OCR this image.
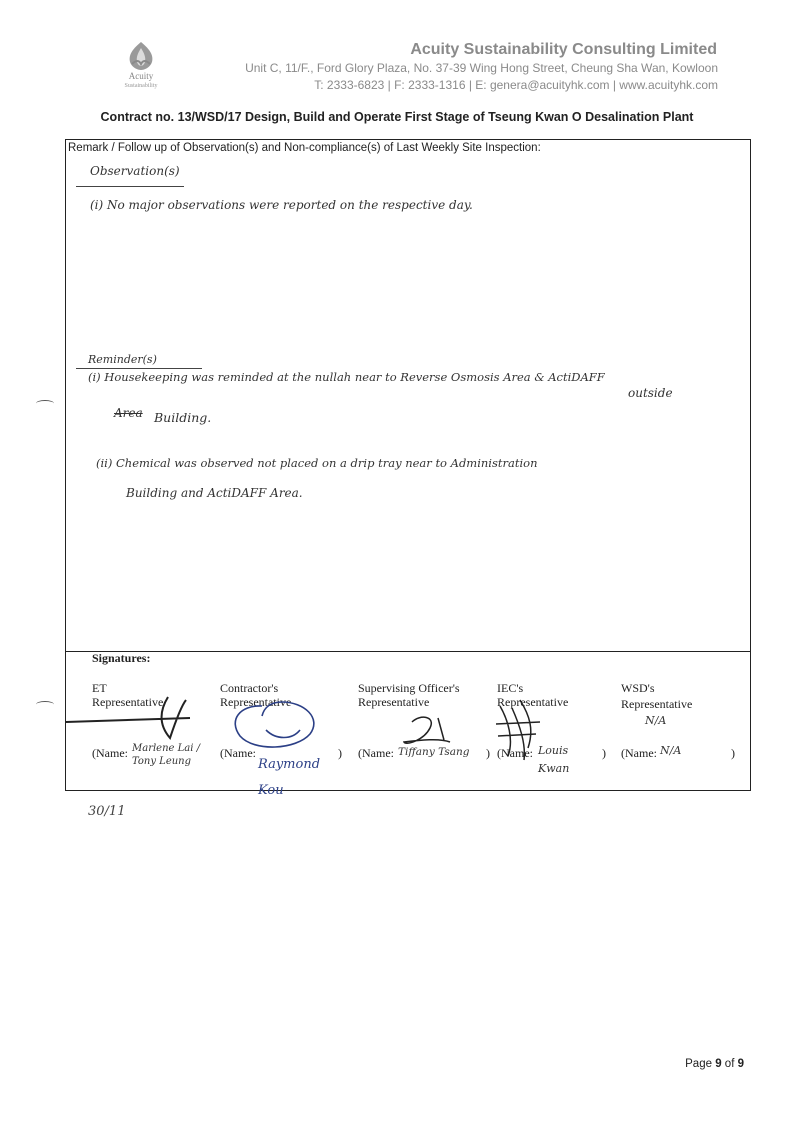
Acuity
Sustainability
Acuity Sustainability Consulting Limited
Unit C, 11/F., Ford Glory Plaza, No. 37-39 Wing Hong Street, Cheung Sha Wan, Kowloon
T: 2333-6823 | F: 2333-1316 | E: genera@acuityhk.com | www.acuityhk.com
Contract no. 13/WSD/17 Design, Build and Operate First Stage of Tseung Kwan O Desalination Plant
Remark / Follow up of Observation(s) and Non-compliance(s) of Last Weekly Site Inspection:
Observation(s)
(i) No major observations were reported on the respective day.
Reminder(s)
(i) Housekeeping was reminded at the nullah near to Reverse Osmosis Area & ActiDAFF
outside
Area Building.
(ii) Chemical was observed not placed on a drip tray near to Administration
Building and ActiDAFF Area.
Signatures:
ET
Representative
Contractor's
Representative
Supervising Officer's
Representative
IEC's
Representative
WSD's
Representative
N/A
(Name: Marlene Lai / Tony Leung
(Name:
Raymond Kou
) (Name: Tiffany Tsang ) (Name: Louis Kwan
) (Name: N/A	)
30/11
Page 9 of 9
